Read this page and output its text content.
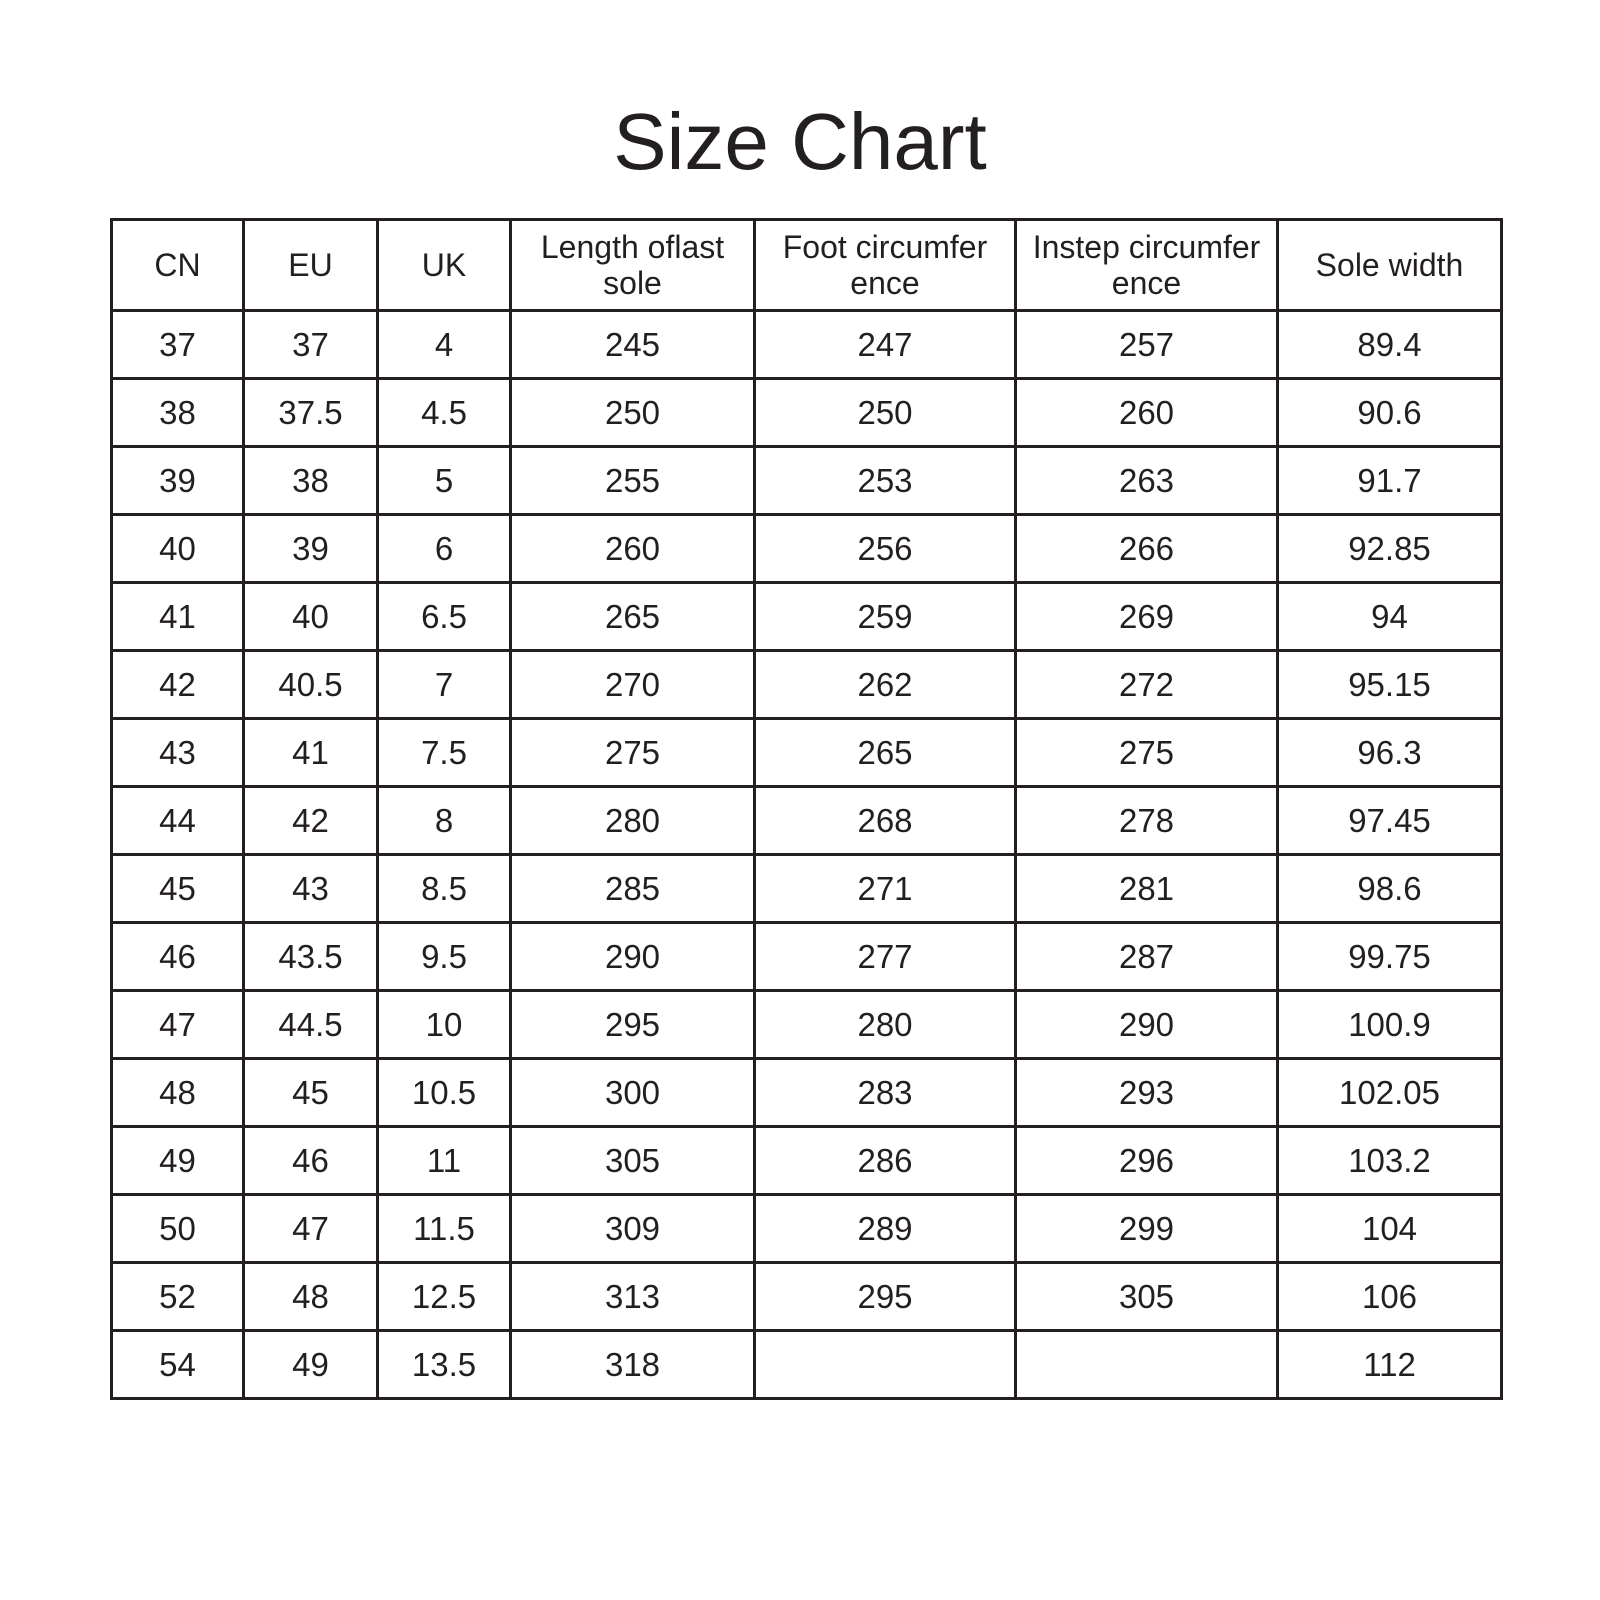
Size Chart
CN	EU	UK	Length oflast sole	Foot circumfer ence	Instep circumfer ence	Sole width
37	37	4	245	247	257	89.4
38	37.5	4.5	250	250	260	90.6
39	38	5	255	253	263	91.7
40	39	6	260	256	266	92.85
41	40	6.5	265	259	269	94
42	40.5	7	270	262	272	95.15
43	41	7.5	275	265	275	96.3
44	42	8	280	268	278	97.45
45	43	8.5	285	271	281	98.6
46	43.5	9.5	290	277	287	99.75
47	44.5	10	295	280	290	100.9
48	45	10.5	300	283	293	102.05
49	46	11	305	286	296	103.2
50	47	11.5	309	289	299	104
52	48	12.5	313	295	305	106
54	49	13.5	318			112
